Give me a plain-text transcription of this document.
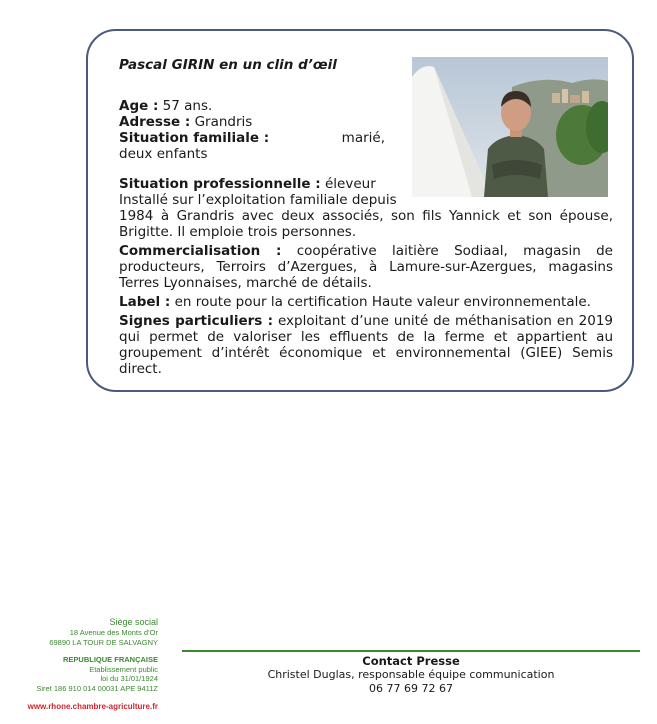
Pascal GIRIN en un clin d’œil

Age : 57 ans.

Adresse : Grandris

Situation familiale :	marié,

deux enfants

Situation professionnelle : éleveur
Installé sur l’exploitation familiale depuis

1984 à Grandris avec deux associés, son fils Yannick et son épouse, Brigitte. Il emploie trois personnes.

Commercialisation : coopérative laitière Sodiaal, magasin de producteurs, Terroirs d’Azergues, à Lamure-sur-Azergues, magasins Terres Lyonnaises, marché de détails.

Label : en route pour la certification Haute valeur environnementale.

Signes particuliers : exploitant d’une unité de méthanisation en 2019 qui permet de valoriser les effluents de la ferme et appartient au groupement d’intérêt économique et environnemental (GIEE) Semis direct.

Siège social
18 Avenue des Monts d’Or
69890 LA TOUR DE SALVAGNY
REPUBLIQUE FRANÇAISE
Etablissement public
loi du 31/01/1924
Siret 186 910 014 00031 APE 9411Z
www.rhone.chambre-agriculture.fr
Contact Presse
Christel Duglas, responsable équipe communication
06 77 69 72 67
